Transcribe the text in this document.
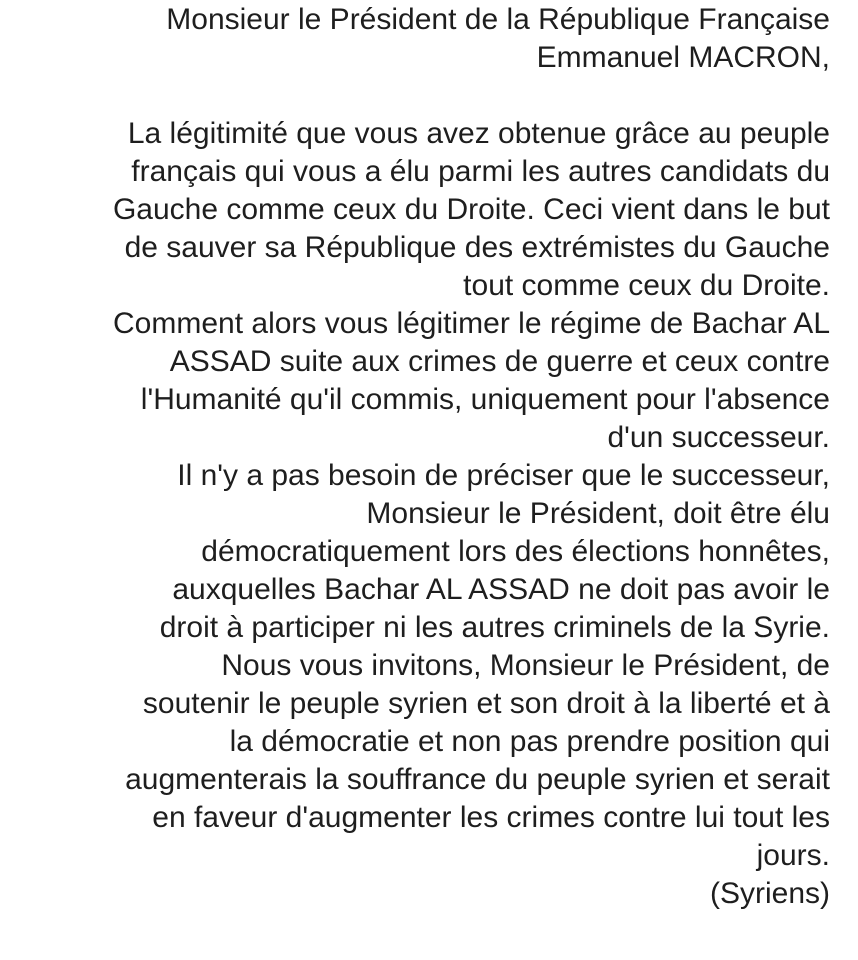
Monsieur le Président de la République Française

Emmanuel MACRON,

La légitimité que vous avez obtenue grâce au peuple

français qui vous a élu parmi les autres candidats du

Gauche comme ceux du Droite. Ceci vient dans le but

de sauver sa République des extrémistes du Gauche

tout comme ceux du Droite.

Comment alors vous légitimer le régime de Bachar AL

ASSAD suite aux crimes de guerre et ceux contre

l'Humanité qu'il commis, uniquement pour l'absence

d'un successeur.

Il n'y a pas besoin de préciser que le successeur,

Monsieur le Président, doit être élu

démocratiquement lors des élections honnêtes,

auxquelles Bachar AL ASSAD ne doit pas avoir le

droit à participer ni les autres criminels de la Syrie.

Nous vous invitons, Monsieur le Président, de

soutenir le peuple syrien et son droit à la liberté et à

la démocratie et non pas prendre position qui

augmenterais la souffrance du peuple syrien et serait

en faveur d'augmenter les crimes contre lui tout les

jours.

(Syriens)
